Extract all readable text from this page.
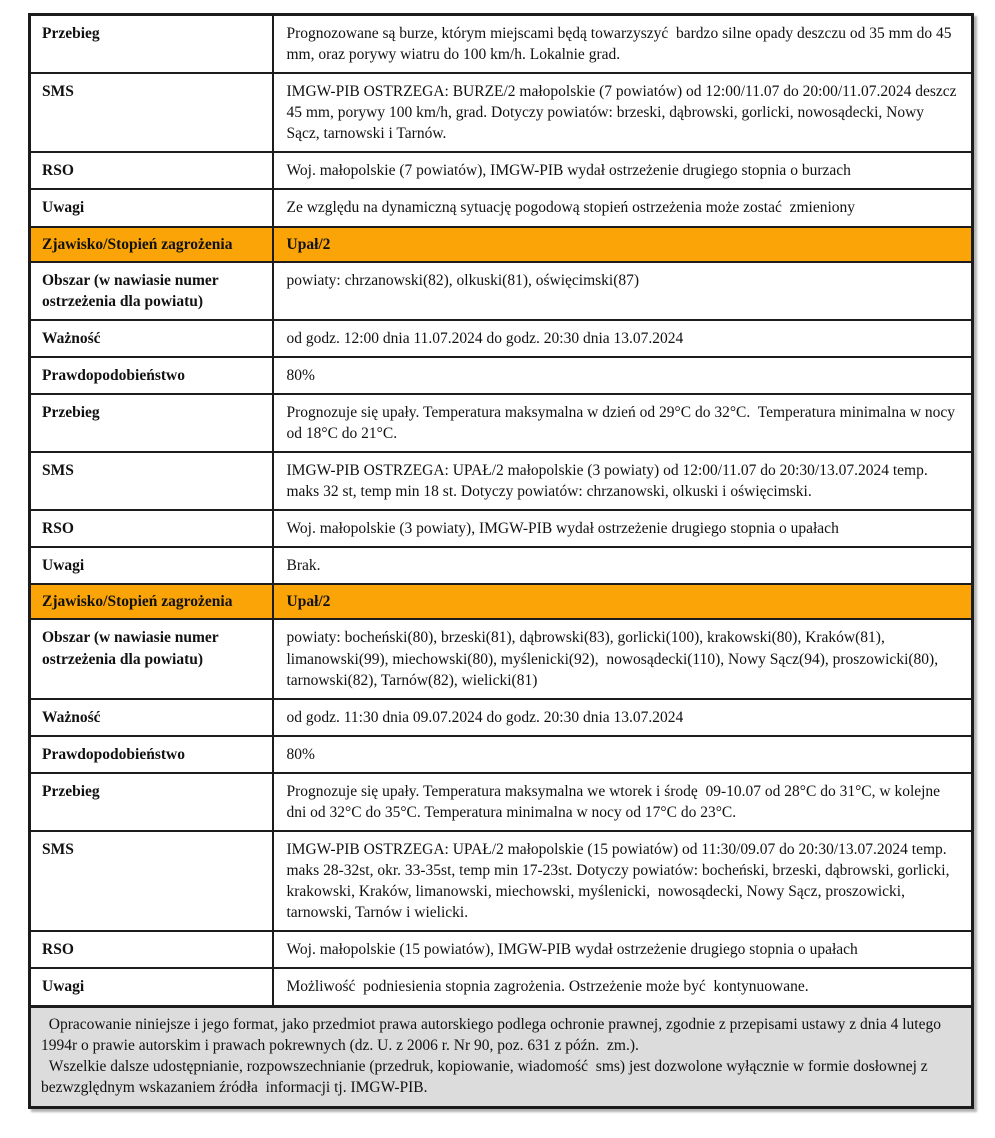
Przebieg	Prognozowane są burze, którym miejscami będą towarzyszyć  bardzo silne opady deszczu od 35 mm do 45 mm, oraz porywy wiatru do 100 km/h. Lokalnie grad.
SMS	IMGW-PIB OSTRZEGA: BURZE/2 małopolskie (7 powiatów) od 12:00/11.07 do 20:00/11.07.2024 deszcz 45 mm, porywy 100 km/h, grad. Dotyczy powiatów: brzeski, dąbrowski, gorlicki, nowosądecki, Nowy Sącz, tarnowski i Tarnów.
RSO	Woj. małopolskie (7 powiatów), IMGW-PIB wydał ostrzeżenie drugiego stopnia o burzach
Uwagi	Ze względu na dynamiczną sytuację pogodową stopień ostrzeżenia może zostać  zmieniony
Zjawisko/Stopień zagrożenia	Upał/2
Obszar (w nawiasie numer ostrzeżenia dla powiatu)	powiaty: chrzanowski(82), olkuski(81), oświęcimski(87)
Ważność	od godz. 12:00 dnia 11.07.2024 do godz. 20:30 dnia 13.07.2024
Prawdopodobieństwo	80%
Przebieg	Prognozuje się upały. Temperatura maksymalna w dzień od 29°C do 32°C.  Temperatura minimalna w nocy od 18°C do 21°C.
SMS	IMGW-PIB OSTRZEGA: UPAŁ/2 małopolskie (3 powiaty) od 12:00/11.07 do 20:30/13.07.2024 temp. maks 32 st, temp min 18 st. Dotyczy powiatów: chrzanowski, olkuski i oświęcimski.
RSO	Woj. małopolskie (3 powiaty), IMGW-PIB wydał ostrzeżenie drugiego stopnia o upałach
Uwagi	Brak.
Zjawisko/Stopień zagrożenia	Upał/2
Obszar (w nawiasie numer ostrzeżenia dla powiatu)	powiaty: bocheński(80), brzeski(81), dąbrowski(83), gorlicki(100), krakowski(80), Kraków(81), limanowski(99), miechowski(80), myślenicki(92),  nowosądecki(110), Nowy Sącz(94), proszowicki(80), tarnowski(82), Tarnów(82), wielicki(81)
Ważność	od godz. 11:30 dnia 09.07.2024 do godz. 20:30 dnia 13.07.2024
Prawdopodobieństwo	80%
Przebieg	Prognozuje się upały. Temperatura maksymalna we wtorek i środę  09-10.07 od 28°C do 31°C, w kolejne dni od 32°C do 35°C. Temperatura minimalna w nocy od 17°C do 23°C.
SMS	IMGW-PIB OSTRZEGA: UPAŁ/2 małopolskie (15 powiatów) od 11:30/09.07 do 20:30/13.07.2024 temp. maks 28-32st, okr. 33-35st, temp min 17-23st. Dotyczy powiatów: bocheński, brzeski, dąbrowski, gorlicki, krakowski, Kraków, limanowski, miechowski, myślenicki,  nowosądecki, Nowy Sącz, proszowicki, tarnowski, Tarnów i wielicki.
RSO	Woj. małopolskie (15 powiatów), IMGW-PIB wydał ostrzeżenie drugiego stopnia o upałach
Uwagi	Możliwość  podniesienia stopnia zagrożenia. Ostrzeżenie może być  kontynuowane.
Opracowanie niniejsze i jego format, jako przedmiot prawa autorskiego podlega ochronie prawnej, zgodnie z przepisami ustawy z dnia 4 lutego 1994r o prawie autorskim i prawach pokrewnych (dz. U. z 2006 r. Nr 90, poz. 631 z późn.  zm.).
Wszelkie dalsze udostępnianie, rozpowszechnianie (przedruk, kopiowanie, wiadomość  sms) jest dozwolone wyłącznie w formie dosłownej z bezwzględnym wskazaniem źródła  informacji tj. IMGW-PIB.
